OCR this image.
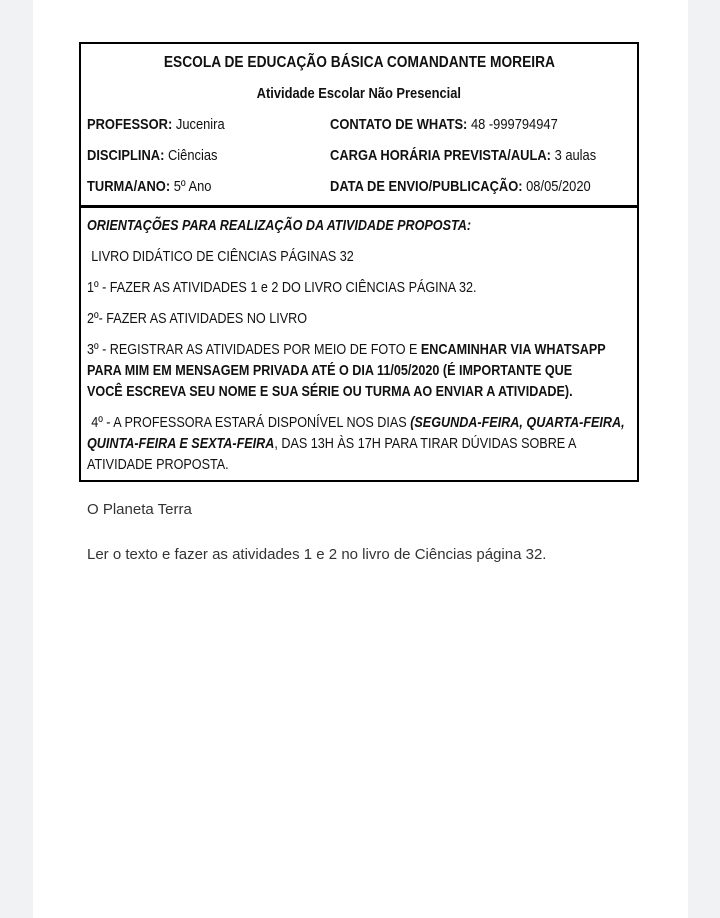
ESCOLA DE EDUCAÇÃO BÁSICA COMANDANTE MOREIRA
Atividade Escolar Não Presencial
PROFESSOR: Jucenira	CONTATO DE WHATS: 48 -999794947
DISCIPLINA: Ciências	CARGA HORÁRIA PREVISTA/AULA: 3 aulas
TURMA/ANO: 5º Ano	DATA DE ENVIO/PUBLICAÇÃO: 08/05/2020
ORIENTAÇÕES PARA REALIZAÇÃO DA ATIVIDADE PROPOSTA:
LIVRO DIDÁTICO DE CIÊNCIAS PÁGINAS 32
1º - FAZER AS ATIVIDADES 1 e 2 DO LIVRO CIÊNCIAS PÁGINA 32.
2º- FAZER AS ATIVIDADES NO LIVRO
3º - REGISTRAR AS ATIVIDADES POR MEIO DE FOTO E ENCAMINHAR VIA WHATSAPP
PARA MIM EM MENSAGEM PRIVADA ATÉ O DIA 11/05/2020 (É IMPORTANTE QUE
VOCÊ ESCREVA SEU NOME E SUA SÉRIE OU TURMA AO ENVIAR A ATIVIDADE).
4º - A PROFESSORA ESTARÁ DISPONÍVEL NOS DIAS (SEGUNDA-FEIRA, QUARTA-FEIRA,
QUINTA-FEIRA E SEXTA-FEIRA, DAS 13H ÀS 17H PARA TIRAR DÚVIDAS SOBRE A
ATIVIDADE PROPOSTA.
O Planeta Terra
Ler o texto e fazer as atividades 1 e 2 no livro de Ciências página 32.
